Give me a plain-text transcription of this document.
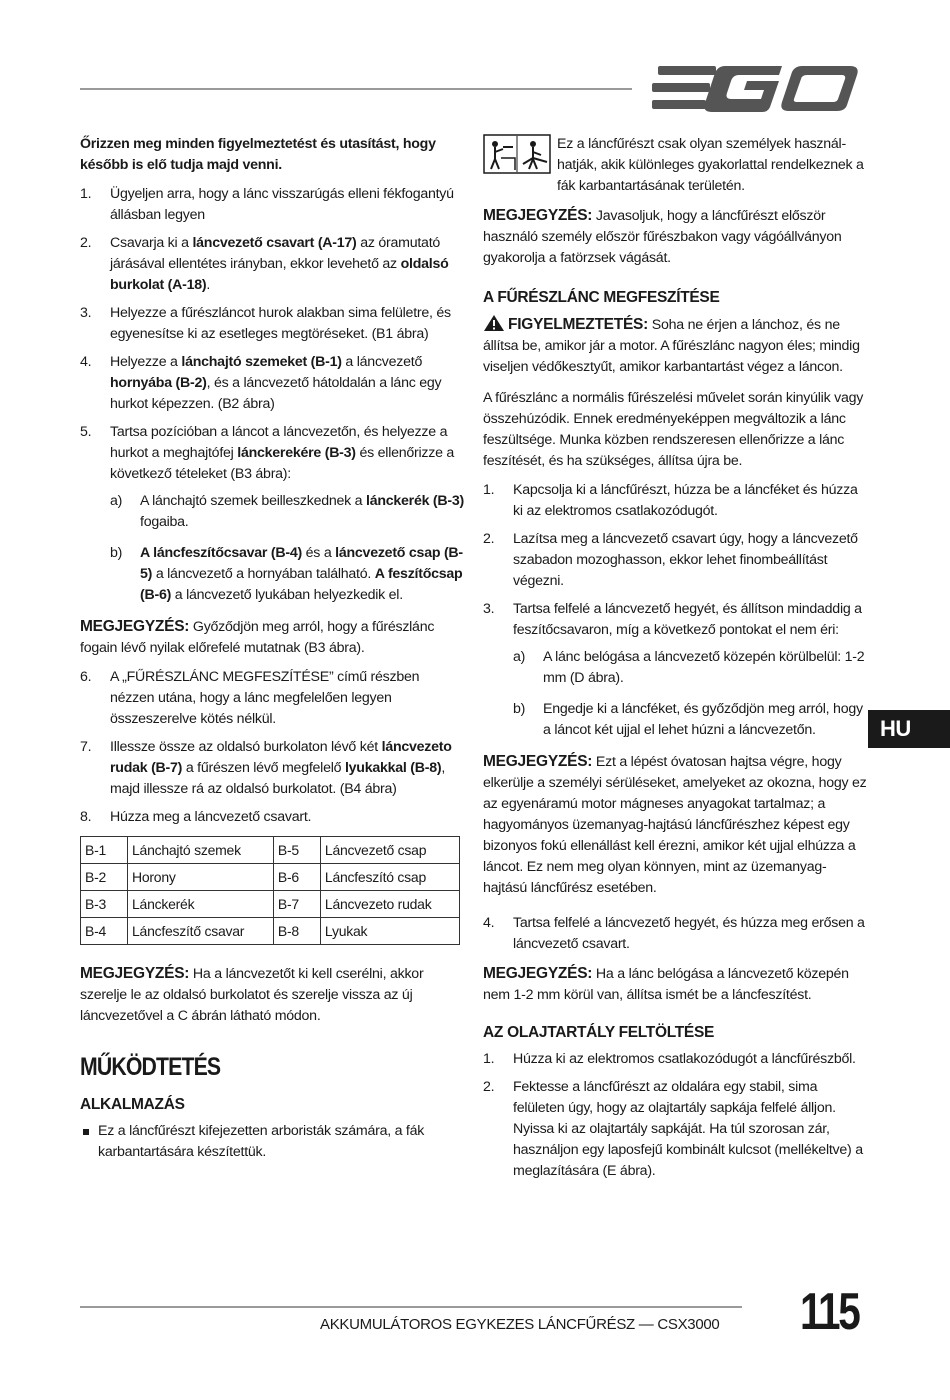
Őrizzen meg minden figyelmeztetést és utasítást, hogy később is elő tudja majd venni.

1. Ügyeljen arra, hogy a lánc visszarúgás elleni fékfogantyú állásban legyen
2. Csavarja ki a láncvezető csavart (A-17) az óramutató járásával ellentétes irányban, ekkor levehető az oldalsó burkolat (A-18).
3. Helyezze a fűrészláncot hurok alakban sima felületre, és egyenesítse ki az esetleges megtöréseket. (B1 ábra)
4. Helyezze a lánchajtó szemeket (B-1) a láncvezető hornyába (B-2), és a láncvezető hátoldalán a lánc egy hurkot képezzen. (B2 ábra)
5. Tartsa pozícióban a láncot a láncvezetőn, és helyezze a hurkot a meghajtófej lánckerekére (B-3) és ellenőrizze a következő tételeket (B3 ábra):
a) A lánchajtó szemek beilleszkednek a lánckerék (B-3) fogaiba.
b) A láncfeszítőcsavar (B-4) és a láncvezető csap (B-5) a láncvezető a hornyában található. A feszítőcsap (B-6) a láncvezető lyukában helyezkedik el.

MEGJEGYZÉS: Győződjön meg arról, hogy a fűrészlánc fogain lévő nyilak előrefelé mutatnak (B3 ábra).

6. A „FŰRÉSZLÁNC MEGFESZÍTÉSE” című részben nézzen utána, hogy a lánc megfelelően legyen összeszerelve kötés nélkül.
7. Illessze össze az oldalsó burkolaton lévő két láncvezeto rudak (B-7) a fűrészen lévő megfelelő lyukakkal (B-8), majd illessze rá az oldalsó burkolatot. (B4 ábra)
8. Húzza meg a láncvezető csavart.
B-1	Lánchajtó szemek	B-5	Láncvezető csap
B-2	Horony	B-6	Láncfeszító csap
B-3	Lánckerék	B-7	Láncvezeto rudak
B-4	Láncfeszítő csavar	B-8	Lyukak

MEGJEGYZÉS: Ha a láncvezetőt ki kell cserélni, akkor szerelje le az oldalsó burkolatot és szerelje vissza az új láncvezetővel a C ábrán látható módon.

MŰKÖDTETÉS
ALKALMAZÁS
Ez a láncfűrészt kifejezetten arboristák számára, a fák karbantartására készítettük.
Ez a láncfűrészt csak olyan személyek használ-hatják, akik különleges gyakorlattal rendelkeznek a fák karbantartásának területén.

MEGJEGYZÉS: Javasoljuk, hogy a láncfűrészt először használó személy először fűrészbakon vagy vágóállványon gyakorolja a fatörzsek vágását.

A FŰRÉSZLÁNC MEGFESZÍTÉSE

FIGYELMEZTETÉS: Soha ne érjen a lánchoz, és ne állítsa be, amikor jár a motor. A fűrészlánc nagyon éles; mindig viseljen védőkesztyűt, amikor karbantartást végez a láncon.

A fűrészlánc a normális fűrészelési művelet során kinyúlik vagy összehúzódik. Ennek eredményeképpen megváltozik a lánc feszültsége. Munka közben rendszeresen ellenőrizze a lánc feszítését, és ha szükséges, állítsa újra be.

1. Kapcsolja ki a láncfűrészt, húzza be a láncféket és húzza ki az elektromos csatlakozódugót.
2. Lazítsa meg a láncvezető csavart úgy, hogy a láncvezető szabadon mozoghasson, ekkor lehet finombeállítást végezni.
3. Tartsa felfelé a láncvezető hegyét, és állítson mindaddig a feszítőcsavaron, míg a következő pontokat el nem éri:
a) A lánc belógása a láncvezető közepén körülbelül: 1-2 mm (D ábra).
b) Engedje ki a láncféket, és győződjön meg arról, hogy a láncot két ujjal el lehet húzni a láncvezetőn.

MEGJEGYZÉS: Ezt a lépést óvatosan hajtsa végre, hogy elkerülje a személyi sérüléseket, amelyeket az okozna, hogy ez az egyenáramú motor mágneses anyagokat tartalmaz; a hagyományos üzemanyag-hajtású láncfűrészhez képest egy bizonyos fokú ellenállást kell érezni, amikor két ujjal elhúzza a láncot. Ez nem meg olyan könnyen, mint az üzemanyag-hajtású láncfűrész esetében.

4. Tartsa felfelé a láncvezető hegyét, és húzza meg erősen a láncvezető csavart.

MEGJEGYZÉS: Ha a lánc belógása a láncvezető közepén nem 1-2 mm körül van, állítsa ismét be a láncfeszítést.

AZ OLAJTARTÁLY FELTÖLTÉSE
1. Húzza ki az elektromos csatlakozódugót a láncfűrészből.
2. Fektesse a láncfűrészt az oldalára egy stabil, sima felületen úgy, hogy az olajtartály sapkája felfelé álljon. Nyissa ki az olajtartály sapkáját. Ha túl szorosan zár, használjon egy laposfejű kombinált kulcsot (mellékeltve) a meglazítására (E ábra).
HU
AKKUMULÁTOROS EGYKEZES LÁNCFŰRÉSZ — CSX3000 115
